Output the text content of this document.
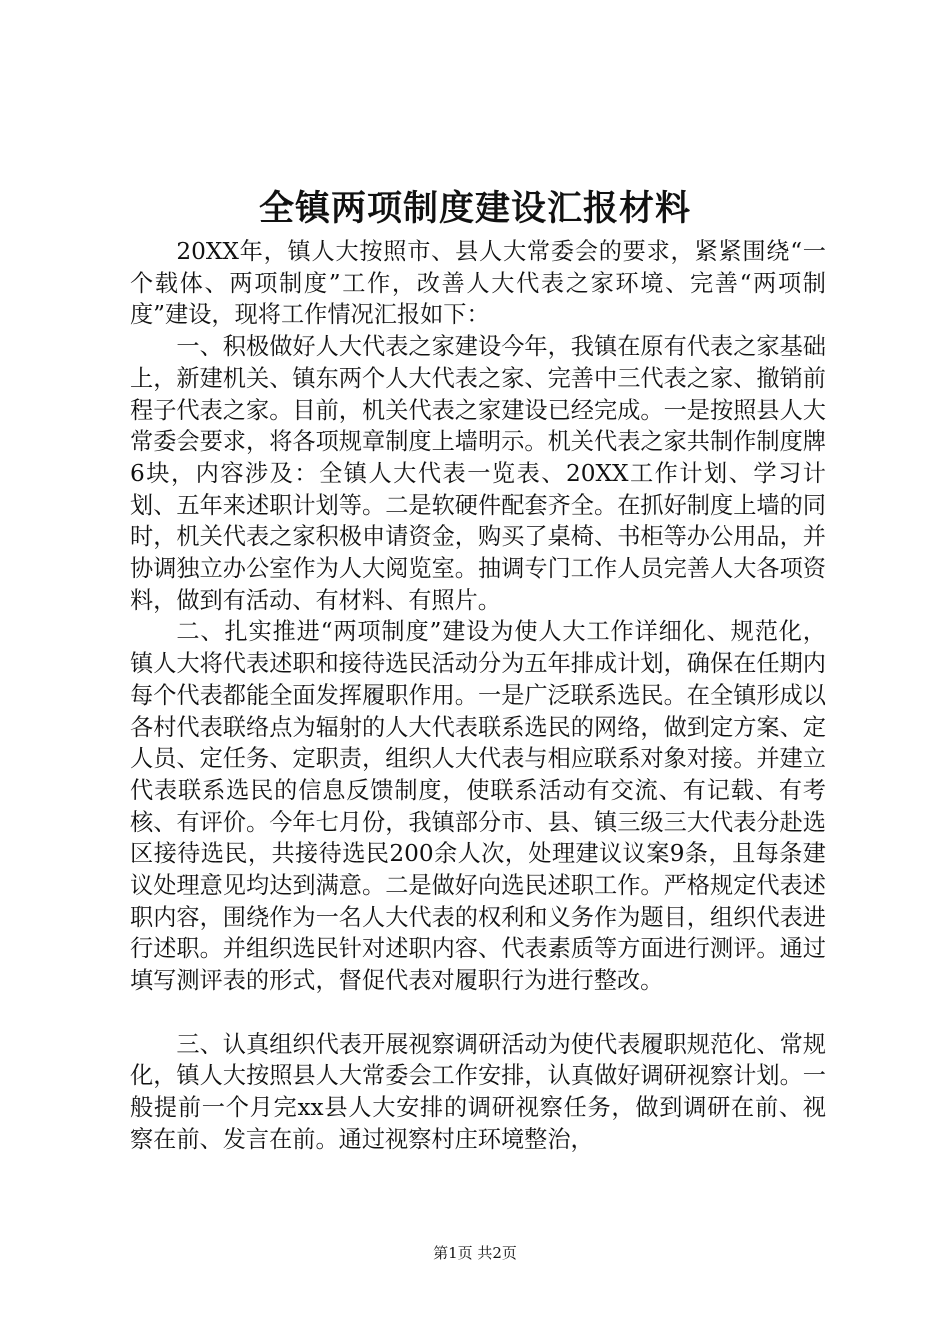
全镇两项制度建设汇报材料

20XX年，镇人大按照市、县人大常委会的要求，紧紧围绕“一个载体、两项制度”工作，改善人大代表之家环境、完善“两项制度”建设，现将工作情况汇报如下：

一、积极做好人大代表之家建设今年，我镇在原有代表之家基础上，新建机关、镇东两个人大代表之家、完善中三代表之家、撤销前程子代表之家。目前，机关代表之家建设已经完成。一是按照县人大常委会要求，将各项规章制度上墙明示。机关代表之家共制作制度牌6块，内容涉及：全镇人大代表一览表、20XX工作计划、学习计划、五年来述职计划等。二是软硬件配套齐全。在抓好制度上墙的同时，机关代表之家积极申请资金，购买了桌椅、书柜等办公用品，并协调独立办公室作为人大阅览室。抽调专门工作人员完善人大各项资料，做到有活动、有材料、有照片。

二、扎实推进“两项制度”建设为使人大工作详细化、规范化，镇人大将代表述职和接待选民活动分为五年排成计划，确保在任期内每个代表都能全面发挥履职作用。一是广泛联系选民。在全镇形成以各村代表联络点为辐射的人大代表联系选民的网络，做到定方案、定人员、定任务、定职责，组织人大代表与相应联系对象对接。并建立代表联系选民的信息反馈制度，使联系活动有交流、有记载、有考核、有评价。今年七月份，我镇部分市、县、镇三级三大代表分赴选区接待选民，共接待选民200余人次，处理建议议案9条，且每条建议处理意见均达到满意。二是做好向选民述职工作。严格规定代表述职内容，围绕作为一名人大代表的权利和义务作为题目，组织代表进行述职。并组织选民针对述职内容、代表素质等方面进行测评。通过填写测评表的形式，督促代表对履职行为进行整改。

三、认真组织代表开展视察调研活动为使代表履职规范化、常规化，镇人大按照县人大常委会工作安排，认真做好调研视察计划。一般提前一个月完xx县人大安排的调研视察任务，做到调研在前、视察在前、发言在前。通过视察村庄环境整治，

第1页 共2页
